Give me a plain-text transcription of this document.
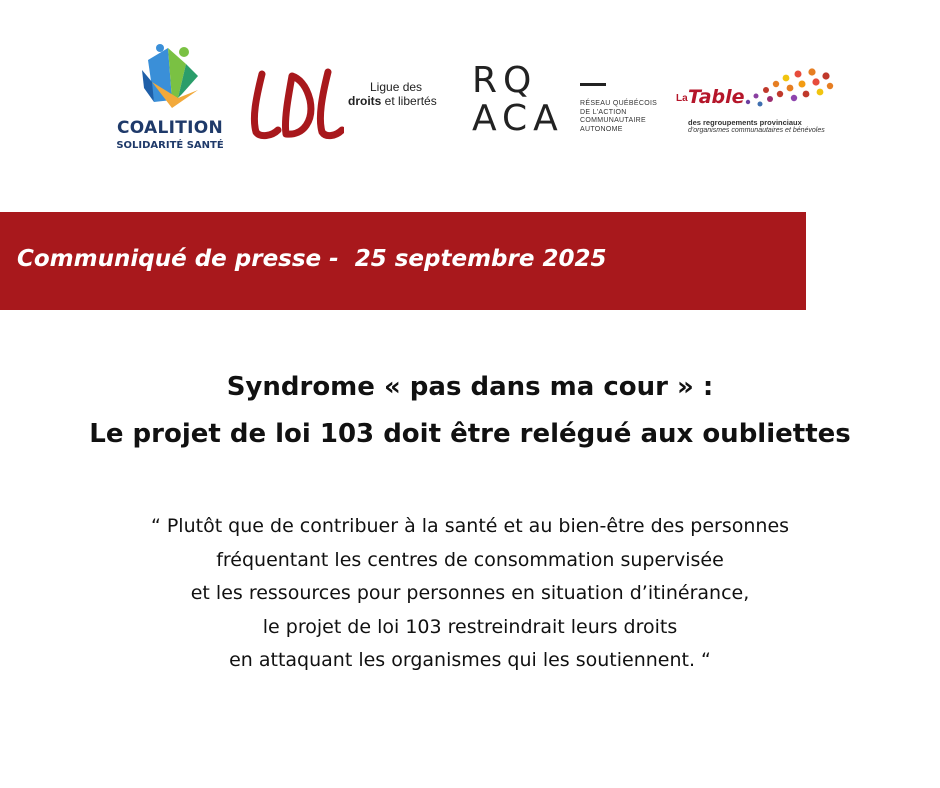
COALITION
SOLIDARITÉ SANTÉ
Ligue des
droits et libertés RQ
ACA RÉSEAU QUÉBÉCOIS
DE L'ACTION
COMMUNAUTAIRE
AUTONOME
La Table
des regroupements provinciaux
d'organismes communautaires et bénévoles
Communiqué de presse -  25 septembre 2025
Syndrome « pas dans ma cour » :
Le projet de loi 103 doit être relégué aux oubliettes
“ Plutôt que de contribuer à la santé et au bien-être des personnes
fréquentant les centres de consommation supervisée
et les ressources pour personnes en situation d’itinérance,
le projet de loi 103 restreindrait leurs droits
en attaquant les organismes qui les soutiennent. “
